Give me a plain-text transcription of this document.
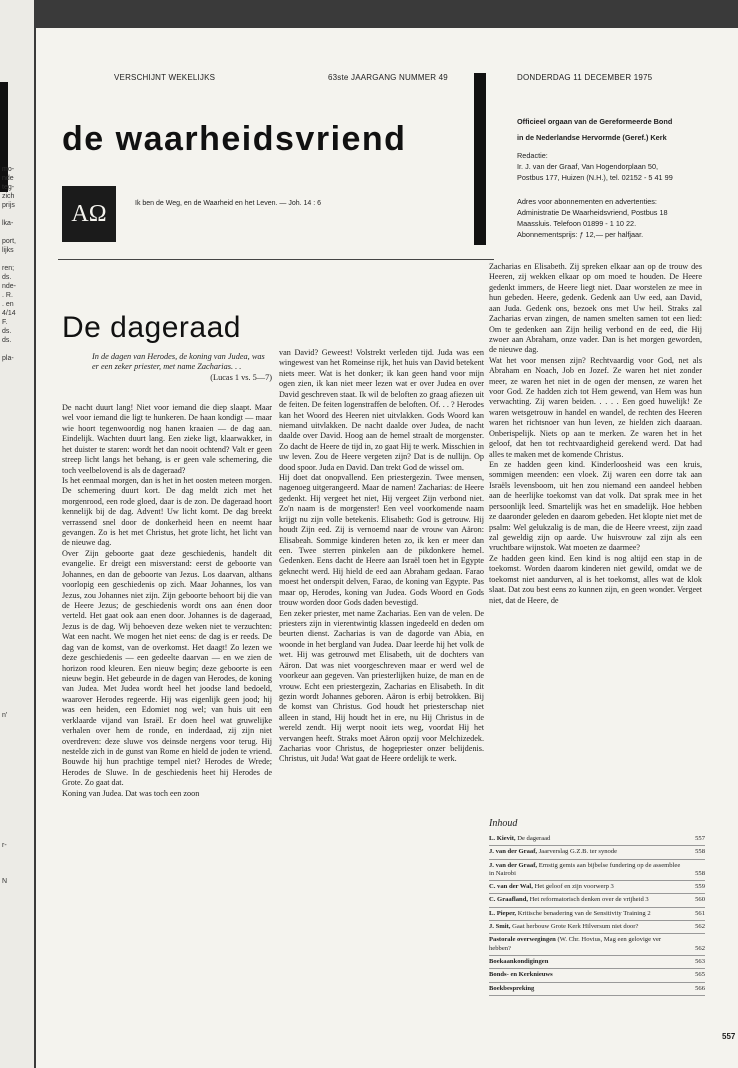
mo-
nde
teg-
zich
prijs
lka-
port,
lijks
ren;
ds.
nde-
. R.
. en
4/14
F.
ds.
ds.
pla-
n'
r-
N
VERSCHIJNT WEKELIJKS	63ste JAARGANG NUMMER 49	DONDERDAG 11 DECEMBER 1975
de waarheidsvriend	Officieel orgaan van de Gereformeerde Bond
in de Nederlandse Hervormde (Geref.) Kerk
Redactie:
Ir. J. van der Graaf, Van Hogendorplaan 50,
Postbus 177, Huizen (N.H.), tel. 02152 - 5 41 99
Adres voor abonnementen en advertenties:
Administratie De Waarheidsvriend, Postbus 18
Maassluis. Telefoon 01899 - 1 10 22.
Abonnementsprijs: ƒ 12,— per halfjaar.
ΑΩ	Ik ben de Weg, en de Waarheid en het Leven. — Joh. 14 : 6
De dageraad
In de dagen van Herodes, de koning van Judea, was er een zeker priester, met name Zacharias. . .
(Lucas 1 vs. 5—7)

De nacht duurt lang! Niet voor iemand die diep slaapt. Maar wel voor iemand die ligt te hunkeren. De haan kondigt — maar wie hoort tegenwoordig nog hanen kraaien — de dag aan. Eindelijk. Wachten duurt lang. Een zieke ligt, klaarwakker, in het duister te staren: wordt het dan nooit ochtend? Valt er geen streep licht langs het behang, is er geen vale schemering, die toch veelbelovend is als de dageraad?

Is het eenmaal morgen, dan is het in het oosten meteen morgen. De schemering duurt kort. De dag meldt zich met het morgenrood, een rode gloed, daar is de zon. De dageraad hoort kennelijk bij de dag. Advent! Uw licht komt. De dag breekt verrassend snel door de donkerheid heen en neemt haar gevangen. Zo is het met Christus, het grote licht, het licht van de nieuwe dag.

Over Zijn geboorte gaat deze geschiedenis, handelt dit evangelie. Er dreigt een misverstand: eerst de geboorte van Johannes, en dan de geboorte van Jezus. Los daarvan, althans voorlopig een geschiedenis op zich. Maar Johannes, los van Jezus, zou Johannes niet zijn. Zijn geboorte behoort bij die van de Heere Jezus; de geschiedenis wordt ons aan énen door verteld. Het gaat ook aan enen door. Johannes is de dageraad, Jezus is de dag. Wij behoeven deze weken niet te verzuchten: Wat een nacht. We mogen het niet eens: de dag is er reeds. De dag van de komst, van de overkomst. Het daagt! Zo lezen we deze geschiedenis — een gedeelte daarvan — en we zien de horizon rood kleuren. Een nieuw begin; deze geboorte is een nieuw begin. Het gebeurde in de dagen van Herodes, de koning van Judea. Met Judea wordt heel het joodse land bedoeld, waarover Herodes regeerde. Hij was eigenlijk geen jood; hij was een heiden, een Edomiet nog wel; van huis uit een verklaarde vijand van Israël. Er doen heel wat gruwelijke verhalen over hem de ronde, en inderdaad, zij zijn niet overdreven: deze sluwe vos deinsde nergens voor terug. Hij nestelde zich in de gunst van Rome en hield de joden te vriend. Bouwde hij hun prachtige tempel niet? Herodes de Wrede; Herodes de Sluwe. In de geschiedenis heet hij Herodes de Grote. Zo gaat dat.

Koning van Judea. Dat was toch een zoon

van David? Geweest! Volstrekt verleden tijd. Juda was een wingewest van het Romeinse rijk, het huis van David betekent niets meer. Wat is het donker; ik kan geen hand voor mijn ogen zien, ik kan niet meer lezen wat er over Judea en over David geschreven staat. Ik wil de beloften zo graag afiezen uit de feiten. De feiten logenstraffen de beloften. Of. . . ? Herodes kan het Woord des Heeren niet uitvlakken. Gods Woord kan niemand uitvlakken. De nacht daalde over Judea, de nacht daalde over David. Hoog aan de hemel straalt de morgenster. Zo dacht de Heere de tijd in, zo gaat Hij te werk. Misschien in uw leven. Zou de Heere vergeten zijn? Dat is de nullijn. Op dood spoor. Juda en David. Dan trekt God de wissel om.

Hij doet dat onopvallend. Een priestergezin. Twee mensen, nagenoeg uitgerangeerd. Maar de namen! Zacharias: de Heere gedenkt. Hij vergeet het niet, Hij vergeet Zijn verbond niet. Zo'n naam is de morgenster! Een veel voorkomende naam krijgt nu zijn volle betekenis. Elisabeth: God is getrouw. Hij houdt Zijn eed. Zij is vernoemd naar de vrouw van Aäron: Elisabeah. Sommige kinderen heten zo, ik ken er meer dan een. Twee sterren pinkelen aan de pikdonkere hemel. Gedenken. Eens dacht de Heere aan Israël toen het in Egypte geknecht werd. Hij hield de eed aan Abraham gedaan. Farao moest het onderspit delven, Farao, de koning van Egypte. Pas maar op, Herodes, koning van Judea. Gods Woord en Gods trouw worden door Gods daden bevestigd.

Een zeker priester, met name Zacharias. Een van de velen. De priesters zijn in vierentwintig klassen ingedeeld en deden om beurten dienst. Zacharias is van de dagorde van Abia, en woonde in het bergland van Judea. Daar leerde hij het volk de wet. Hij was getrouwd met Elisabeth, uit de dochters van Aäron. Dat was niet voorgeschreven maar er werd wel de voorkeur aan gegeven. Van priesterlijken huize, de man en de vrouw. Echt een priestergezin, Zacharias en Elisabeth. In dit gezin wordt Johannes geboren. Aäron is erbij betrokken. Bij de komst van Christus. God houdt het priesterschap niet alleen in stand, Hij houdt het in ere, nu Hij Christus in de wereld zendt. Hij werpt nooit iets weg, voordat Hij het vervangen heeft. Straks moet Aäron opzij voor Melchizedek. Zacharias voor Christus, de hogepriester onzer belijdenis. Christus, uit Juda! Wat gaat de Heere ordelijk te werk.

Zacharias en Elisabeth. Zij spreken elkaar aan op de trouw des Heeren, zij wekken elkaar op om moed te houden. De Heere gedenkt immers, de Heere liegt niet. Daar worstelen ze mee in hun gebeden. Heere, gedenk. Gedenk aan Uw eed, aan David, aan Juda. Gedenk ons, bezoek ons met Uw heil. Straks zal Zacharias ervan zingen, de namen smelten samen tot een lied: Om te gedenken aan Zijn heilig verbond en de eed, die Hij zwoer aan Abraham, onze vader. Dan is het morgen geworden, de nieuwe dag.

Wat het voor mensen zijn? Rechtvaardig voor God, net als Abraham en Noach, Job en Jozef. Ze waren het niet zonder meer, ze waren het niet in de ogen der mensen, ze waren het voor God. Ze hadden zich tot Hem gewend, van Hem was hun verwachting. Zij waren beiden. . . . . Een goed huwelijk! Ze waren wetsgetrouw in handel en wandel, de rechten des Heeren waren het richtsnoer van hun leven, ze hielden zich daaraan. Onberispelijk. Niets op aan te merken. Ze waren het in het geloof, dat hen tot rechtvaardigheid gerekend werd. Dat had alles te maken met de komende Christus.

En ze hadden geen kind. Kinderloosheid was een kruis, sommigen meenden: een vloek. Zij waren een dorre tak aan Israëls levensboom, uit hen zou niemand een aandeel hebben aan de heerlijke toekomst van dat volk. Dat sprak mee in het persoonlijk leed. Smartelijk was het en smadelijk. Hoe hebben ze daaronder geleden en daarom gebeden. Het klopte niet met de psalm: Wel gelukzalig is de man, die de Heere vreest, zijn zaad zal geweldig zijn op aarde. Uw huisvrouw zal zijn als een vruchtbare wijnstok. Wat moeten ze daarmee?

Ze hadden geen kind. Een kind is nog altijd een stap in de toekomst. Worden daarom kinderen niet gewild, omdat we de toekomst niet aandurven, al is het toekomst, alles wat de klok slaat. Dat zou best eens zo kunnen zijn, en geen wonder. Vergeet niet, dat de Heere, de

Inhoud
L. Kievit, De dageraad	557
J. van der Graaf, Jaarverslag G.Z.B. ter synode	558
J. van der Graaf, Ernstig gemis aan bijbelse fundering op de assemblee in Nairobi	558
C. van der Wal, Het geloof en zijn voorwerp 3	559
C. Graafland, Het reformatorisch denken over de vrijheid 3	560
L. Pieper, Kritische benadering van de Sensitivity Training 2	561
J. Smit, Gaat herbouw Grote Kerk Hilversum niet door?	562
Pastorale overwegingen (W. Chr. Hovius, Mag een gelovige ver hebben?	562
Boekaankondigingen	563
Bonds- en Kerknieuws	565
Boekbespreking	566
557
